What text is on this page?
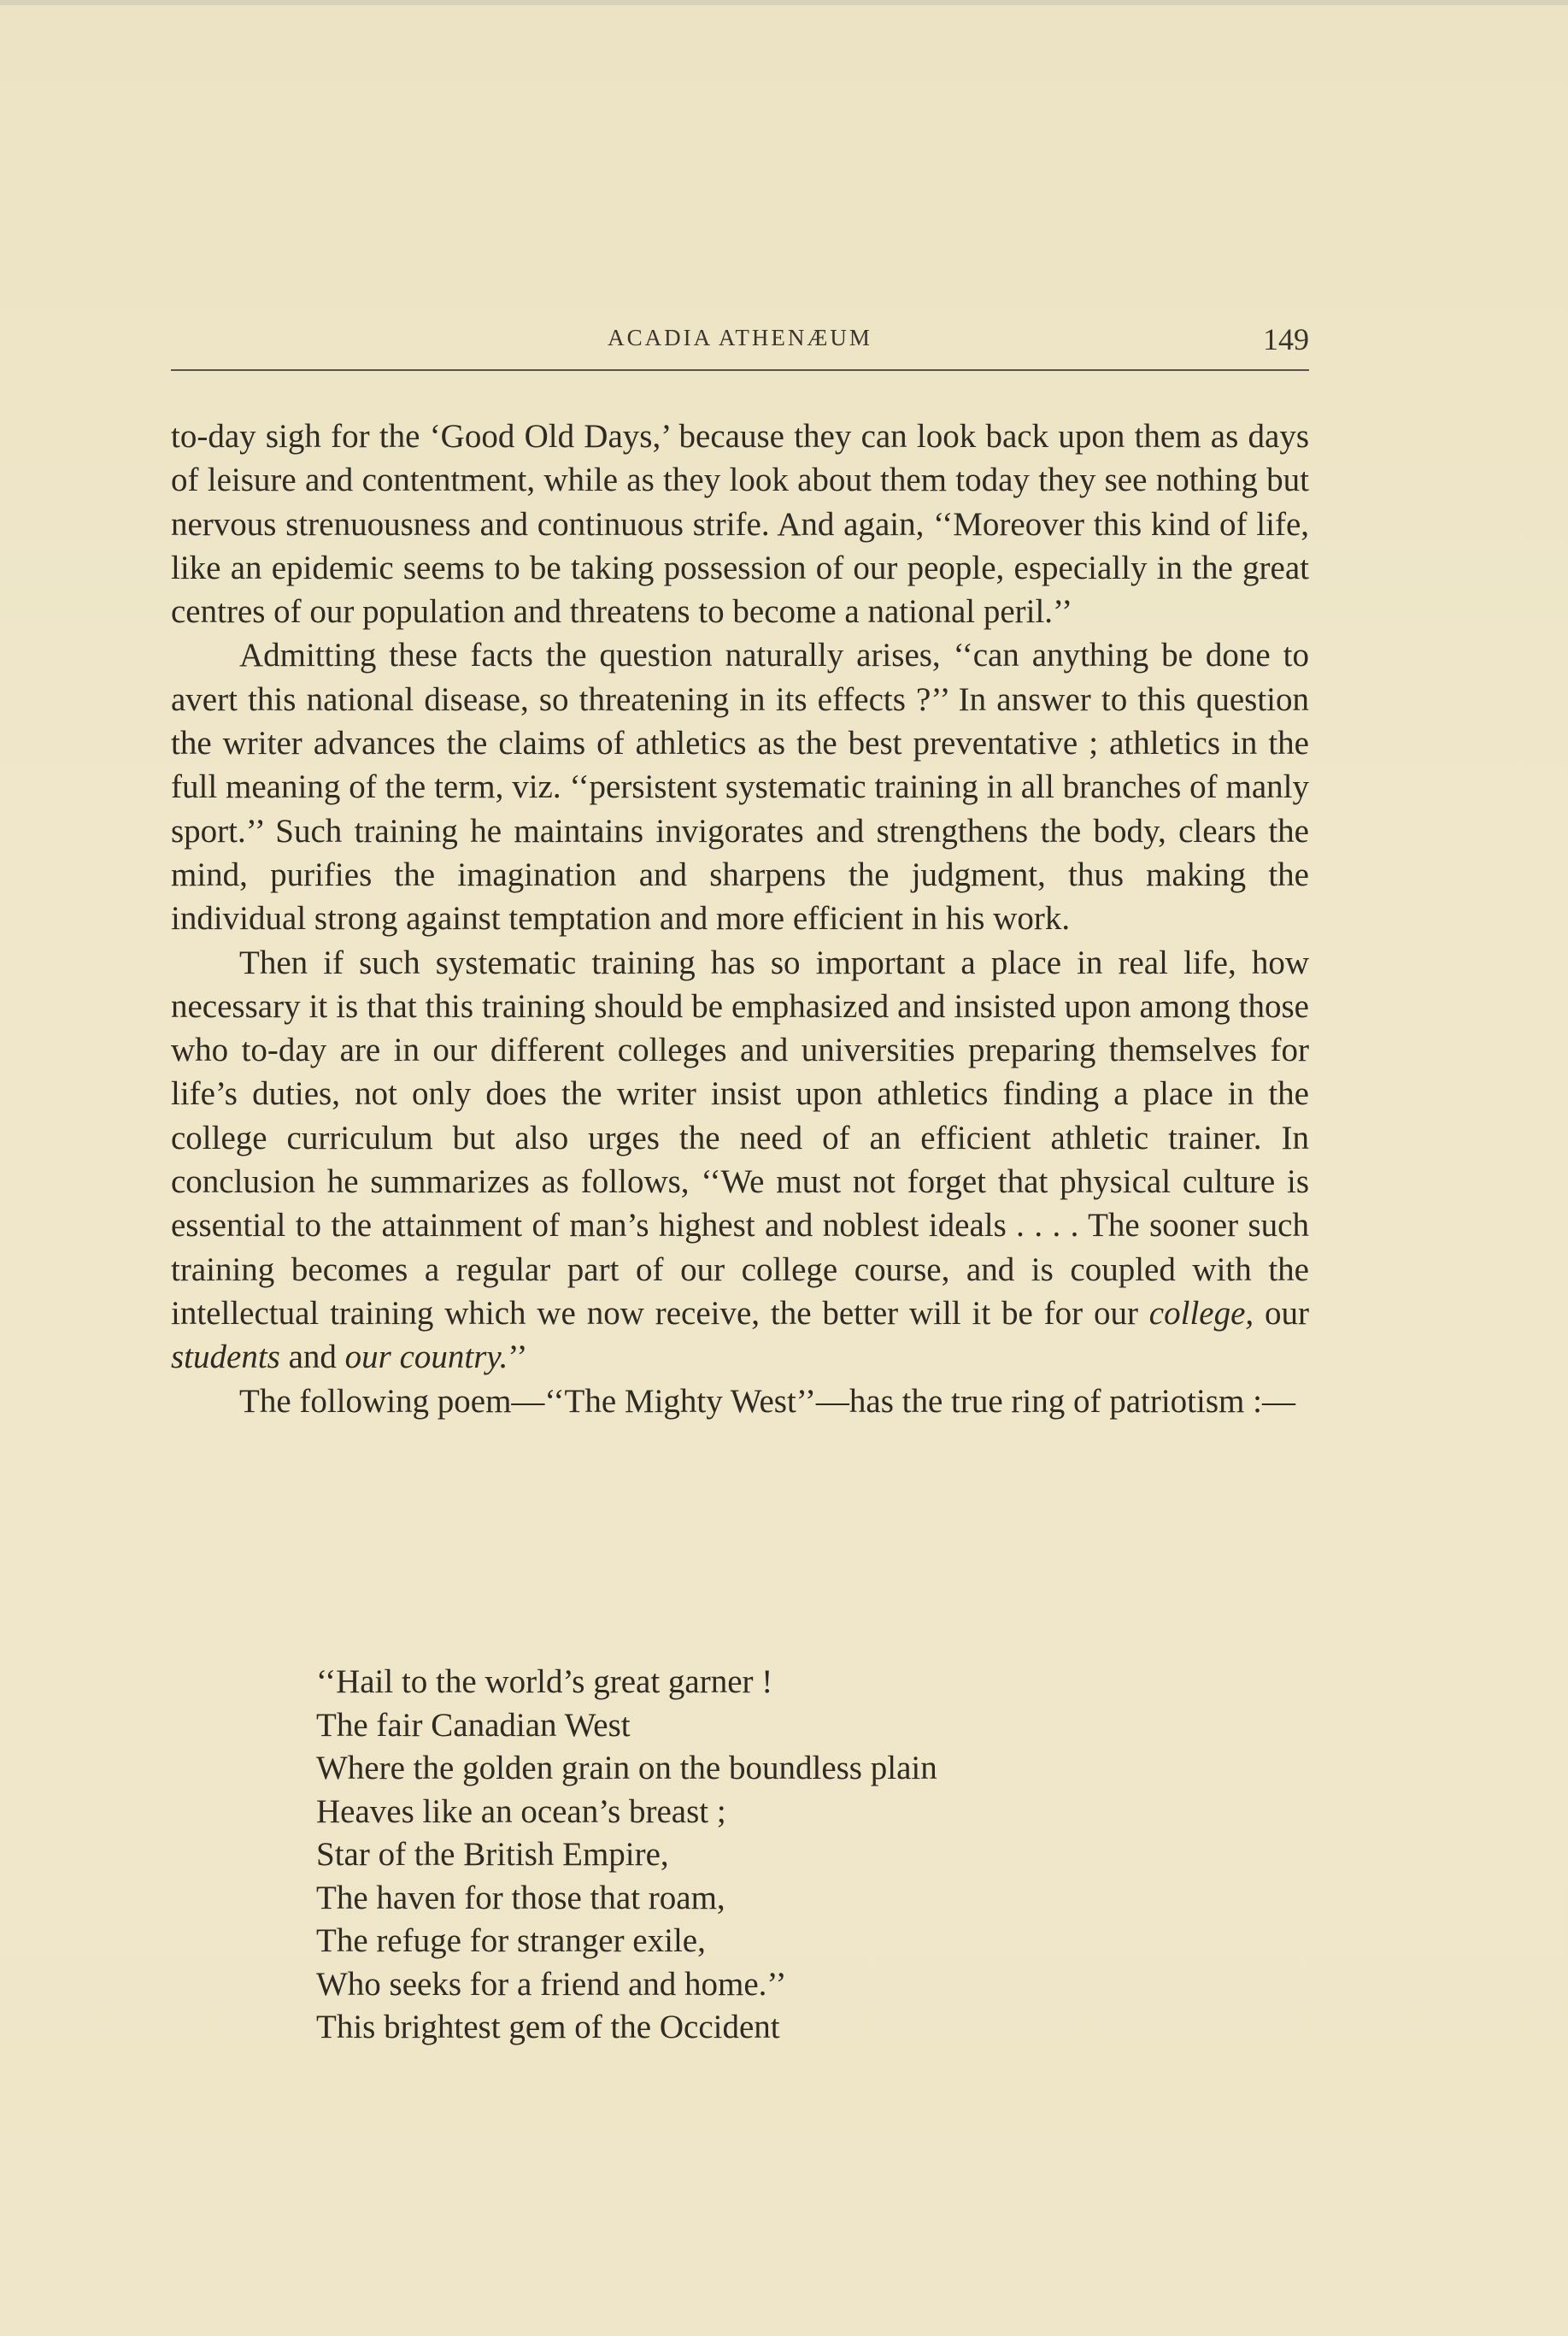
ACADIA ATHENÆUM	149

to-day sigh for the ‘Good Old Days,’ because they can look back upon them as days of leisure and contentment, while as they look about them today they see nothing but nervous strenuousness and continuous strife. And again, ‘‘Moreover this kind of life, like an epidemic seems to be taking possession of our people, especially in the great centres of our population and threatens to become a national peril.’’

Admitting these facts the question naturally arises, ‘‘can anything be done to avert this national disease, so threatening in its effects ?’’ In answer to this question the writer advances the claims of athletics as the best preventative ; athletics in the full meaning of the term, viz. ‘‘persistent systematic training in all branches of manly sport.’’ Such training he maintains invigorates and strengthens the body, clears the mind, purifies the imagination and sharpens the judgment, thus making the individual strong against temptation and more efficient in his work.

Then if such systematic training has so important a place in real life, how necessary it is that this training should be emphasized and insisted upon among those who to-day are in our different colleges and universities preparing themselves for life’s duties, not only does the writer insist upon athletics finding a place in the college curriculum but also urges the need of an efficient athletic trainer. In conclusion he summarizes as follows, ‘‘We must not forget that physical culture is essential to the attainment of man’s highest and noblest ideals . . . . The sooner such training becomes a regular part of our college course, and is coupled with the intellectual training which we now receive, the better will it be for our college, our students and our country.’’

The following poem—‘‘The Mighty West’’—has the true ring of patriotism :—

‘‘Hail to the world’s great garner !
The fair Canadian West
Where the golden grain on the boundless plain
Heaves like an ocean’s breast ;
Star of the British Empire,
The haven for those that roam,
The refuge for stranger exile,
Who seeks for a friend and home.’’
This brightest gem of the Occident
